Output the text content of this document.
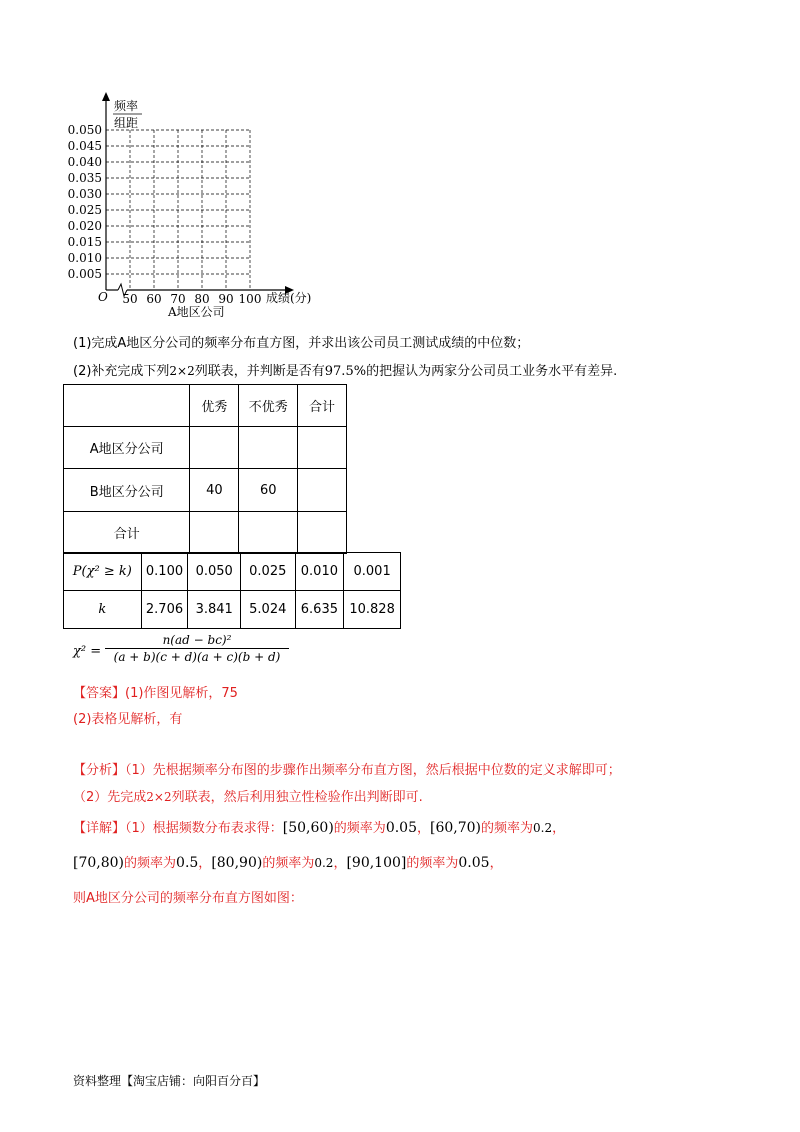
频率
组距
0.050
0.045
0.040
0.035
0.030
0.025
0.020
0.015
0.010
0.005
50 60 70 80 90 100
O	成绩(分)
A地区公司
(1)完成A地区分公司的频率分布直方图，并求出该公司员工测试成绩的中位数；
(2)补充完成下列2×2列联表，并判断是否有97.5%的把握认为两家分公司员工业务水平有差异.
	优秀	不优秀	合计
A地区分公司			
B地区分公司	40	60	
合计			
P(χ² ≥ k)	0.100	0.050	0.025	0.010	0.001
k	2.706	3.841	5.024	6.635	10.828
χ² =
n(ad − bc)²
(a + b)(c + d)(a + c)(b + d)
【答案】(1)作图见解析，75
(2)表格见解析，有
【分析】（1）先根据频率分布图的步骤作出频率分布直方图，然后根据中位数的定义求解即可；
（2）先完成2×2列联表，然后利用独立性检验作出判断即可.
【详解】（1）根据频数分布表求得：[50,60)的频率为0.05，[60,70)的频率为0.2，
[70,80)的频率为0.5，[80,90)的频率为0.2，[90,100]的频率为0.05，
则A地区分公司的频率分布直方图如图：
资料整理【淘宝店铺：向阳百分百】
